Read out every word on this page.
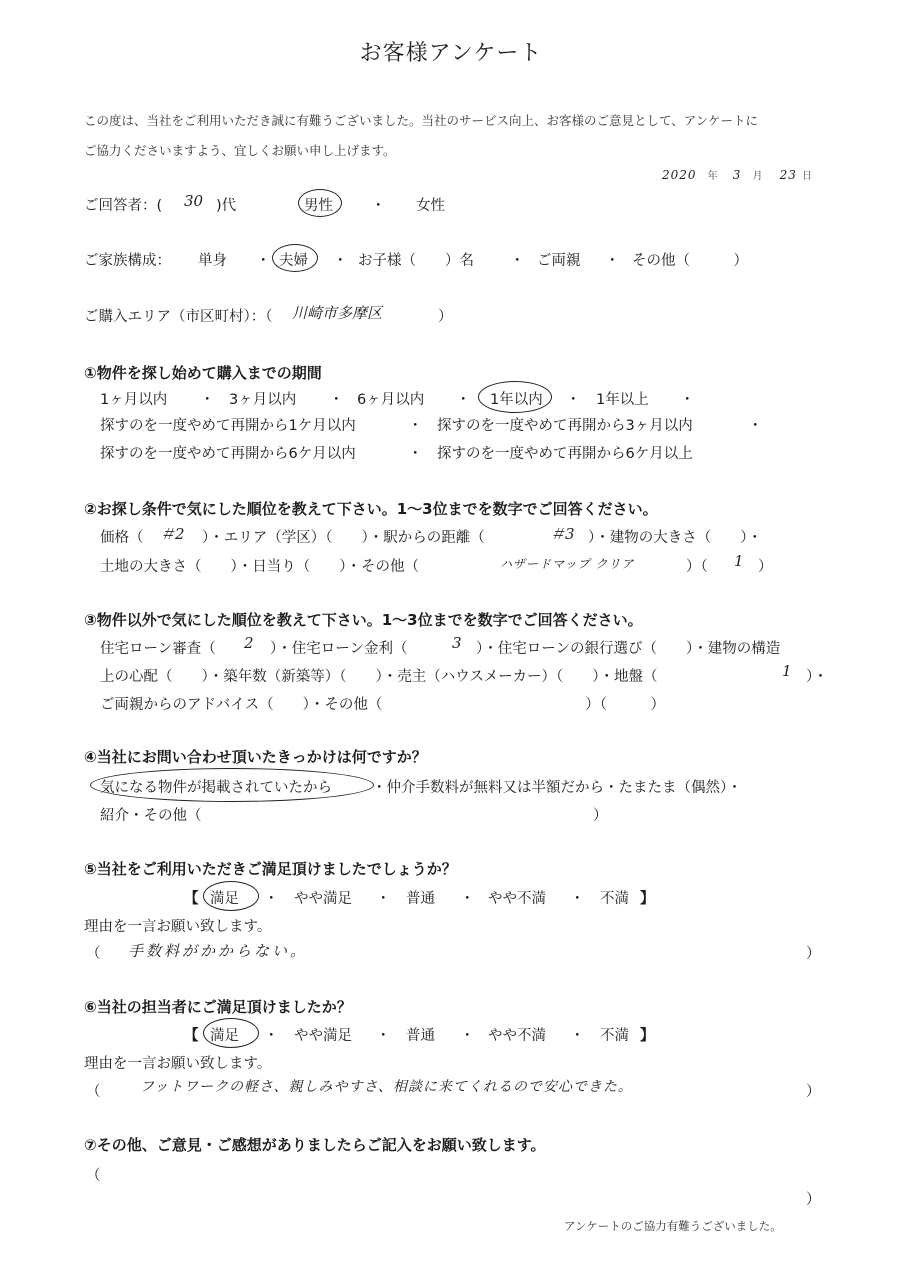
お客様アンケート
この度は、当社をご利用いただき誠に有難うございました。当社のサービス向上、お客様のご意見として、アンケートに
ご協力くださいますよう、宜しくお願い申し上げます。
2020 年 3 月 23 日
ご回答者：( 30 )代	男性	・ 女性
ご家族構成： 単身 ・ 夫婦 ・ お子様（　　）名 ・ ご両親 ・ その他（　　　）
ご購入エリア（市区町村）：（ 川崎市多摩区	）
①物件を探し始めて購入までの期間
1ヶ月以内 ・ 3ヶ月以内 ・ 6ヶ月以内 ・ 1年以内 ・ 1年以上 ・
探すのを一度やめて再開から1ケ月以内	・ 探すのを一度やめて再開から3ヶ月以内	・
探すのを一度やめて再開から6ケ月以内	・ 探すのを一度やめて再開から6ケ月以上
②お探し条件で気にした順位を教えて下さい。1～3位までを数字でご回答ください。
価格（ ＃2 ）・エリア（学区）（　　）・駅からの距離（	＃3 ）・建物の大きさ（　　）・
土地の大きさ（　　）・日当り（　　）・その他（	ハザードマップ クリア	）（ 1 ）
③物件以外で気にした順位を教えて下さい。1～3位までを数字でご回答ください。
住宅ローン審査（ 2 ）・住宅ローン金利（	3 ）・住宅ローンの銀行選び（　　）・建物の構造
上の心配（　　）・築年数（新築等）（　　）・売主（ハウスメーカー）（　　）・地盤（	1 ）・
ご両親からのアドバイス（　　）・その他（　　　　　　　　　　　　　　）（　　　）
④当社にお問い合わせ頂いたきっかけは何ですか？
気になる物件が掲載されていたから	・仲介手数料が無料又は半額だから・たまたま（偶然）・
紹介・その他（　　　　　　　　　　　　　　　　　　　　　　　　　　　）
⑤当社をご利用いただきご満足頂けましたでしょうか？
【 満足 ・ やや満足 ・ 普通 ・ やや不満 ・ 不満 】
理由を一言お願い致します。
（ 手数料がかからない。	）
⑥当社の担当者にご満足頂けましたか？
【 満足 ・ やや満足 ・ 普通 ・ やや不満 ・ 不満 】
理由を一言お願い致します。
（	フットワークの軽さ、親しみやすさ、相談に来てくれるので安心できた。	）
⑦その他、ご意見・ご感想がありましたらご記入をお願い致します。
（
）
アンケートのご協力有難うございました。
